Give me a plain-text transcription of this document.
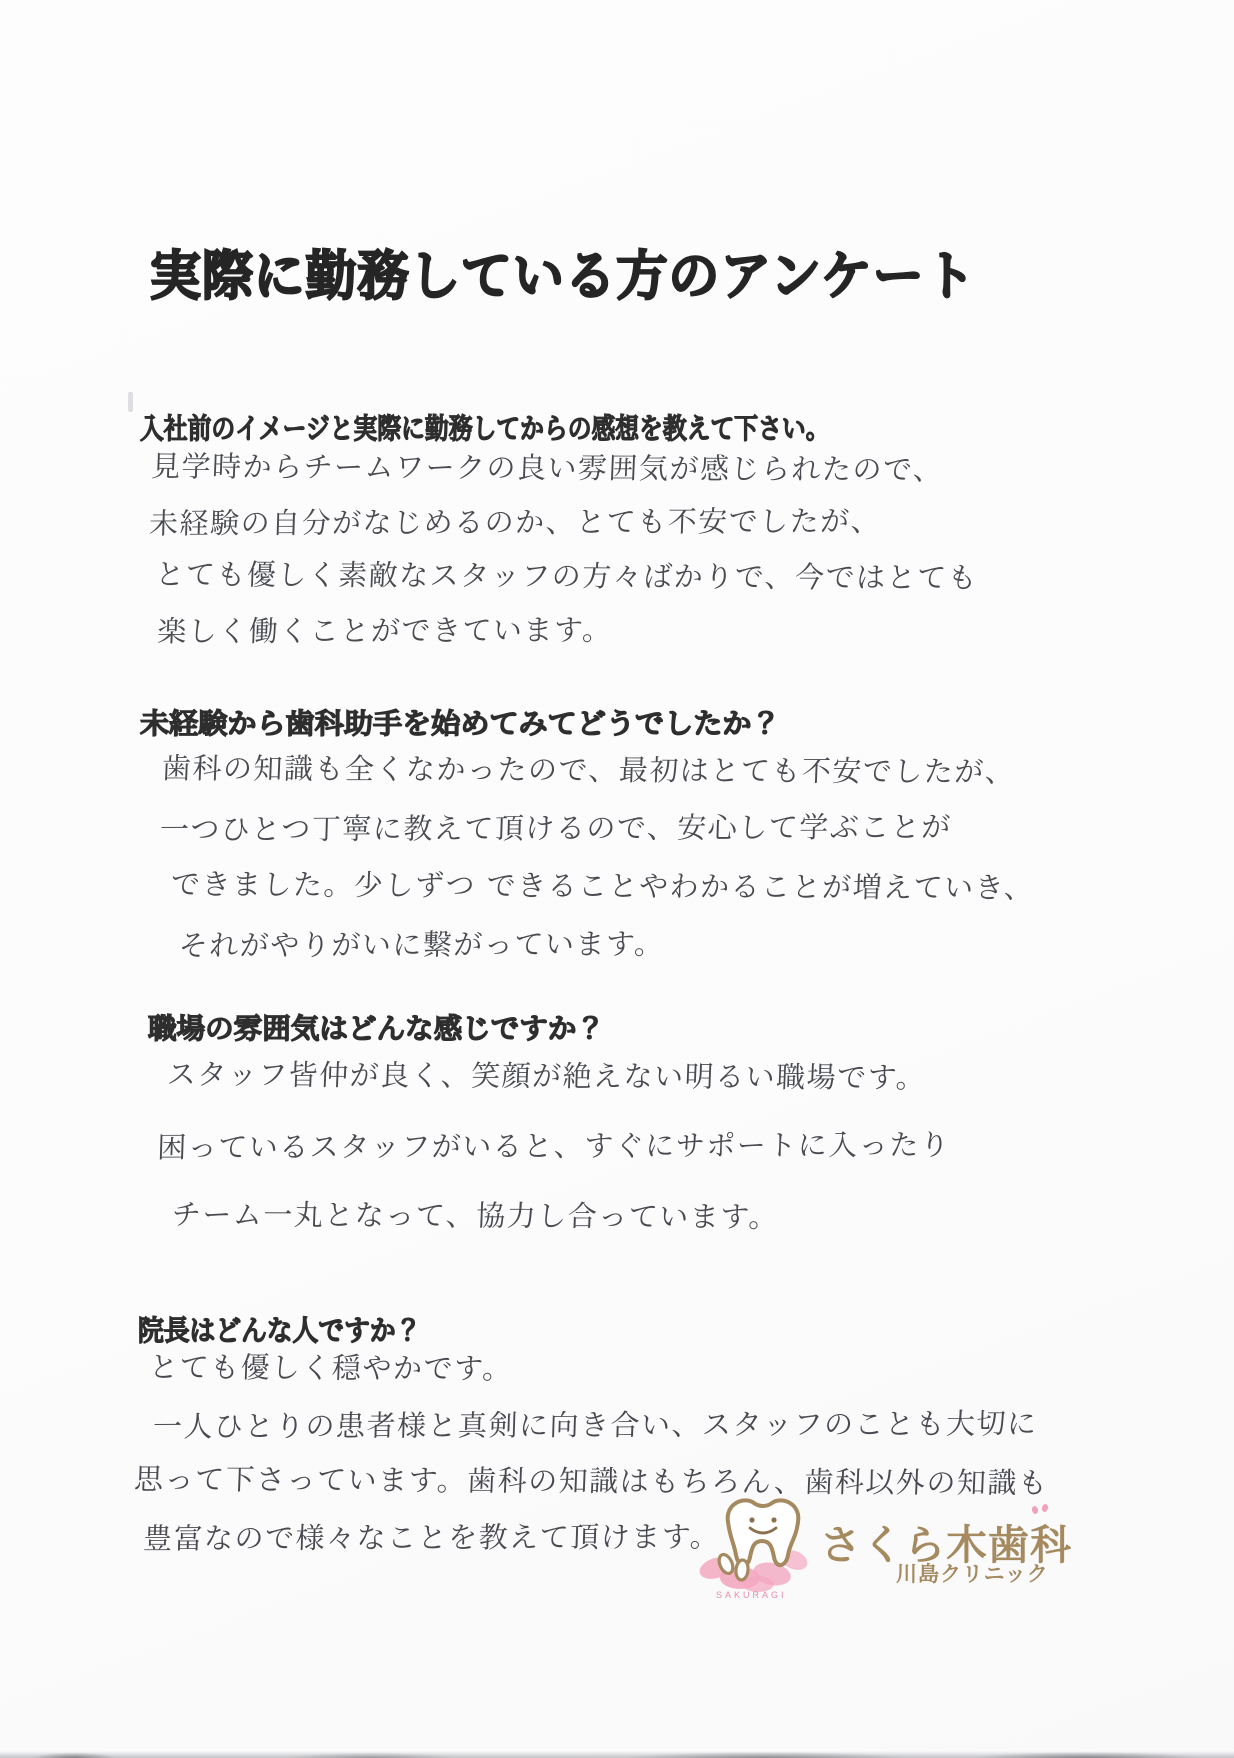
実際に勤務している方のアンケート
入社前のイメージと実際に勤務してからの感想を教えて下さい。
見学時からチームワークの良い雰囲気が感じられたので、
未経験の自分がなじめるのか、とても不安でしたが、
とても優しく素敵なスタッフの方々ばかりで、今ではとても
楽しく働くことができています。
未経験から歯科助手を始めてみてどうでしたか？
歯科の知識も全くなかったので、最初はとても不安でしたが、
一つひとつ丁寧に教えて頂けるので、安心して学ぶことが
できました。少しずつ できることやわかることが増えていき、
それがやりがいに繋がっています。
職場の雰囲気はどんな感じですか？
スタッフ皆仲が良く、笑顔が絶えない明るい職場です。
困っているスタッフがいると、すぐにサポートに入ったり
チーム一丸となって、協力し合っています。
院長はどんな人ですか？
とても優しく穏やかです。
一人ひとりの患者様と真剣に向き合い、スタッフのことも大切に
思って下さっています。歯科の知識はもちろん、歯科以外の知識も
豊富なので様々なことを教えて頂けます。
SAKURAGI
さくら木歯科
川島クリニック
